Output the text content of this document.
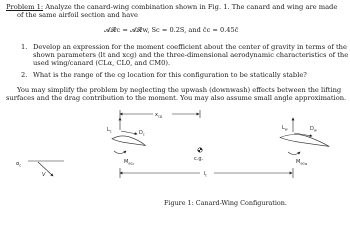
Problem 1: Analyze the canard-wing combination shown in Fig. 1. The canard and wing are made
of the same airfoil section and have
𝓐𝓡c = 𝓐𝓡w, Sc = 0.2S, and c̄c = 0.45c̄
1. Develop an expression for the moment coefficient about the center of gravity in terms of the
shown parameters (lt and xcg) and the three-dimensional aerodynamic characteristics of the
used wing/canard (CLα, CL0, and CM0).
2. What is the range of the cg location for this configuration to be statically stable?
You may simplify the problem by neglecting the upwash (downwash) effects between the lifting
surfaces and the drag contribution to the moment. You may also assume small angle approximation.
$x_{cg}$
$L_c$	$D_c$
$M_{ac}c$
V
$\alpha_c$
c.g.
$l_t$
$L_w$	$D_w$
$M_{ac}w$
Figure 1: Canard-Wing Configuration.
